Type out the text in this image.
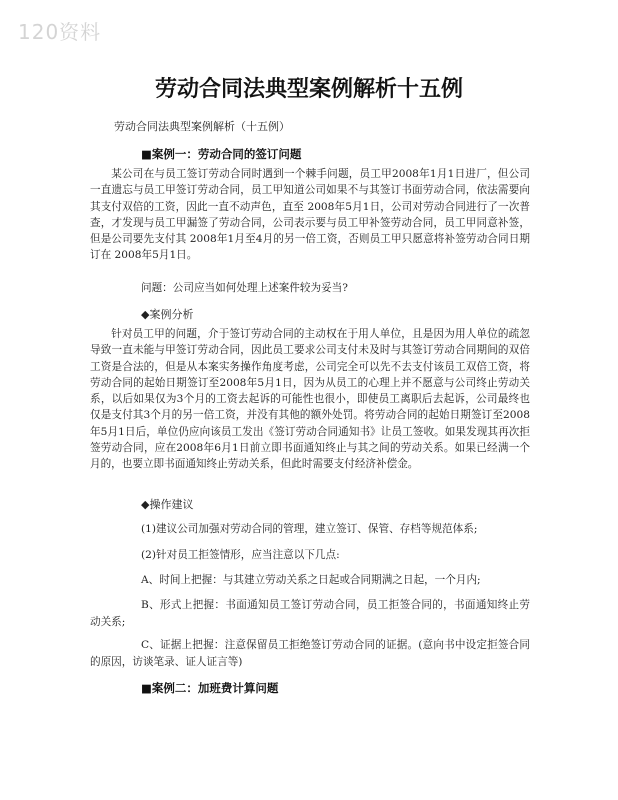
120资料
劳动合同法典型案例解析十五例
劳动合同法典型案例解析（十五例）
■案例一：劳动合同的签订问题

某公司在与员工签订劳动合同时遇到一个棘手问题，员工甲2008年1月1日进厂，但公司一直遗忘与员工甲签订劳动合同，员工甲知道公司如果不与其签订书面劳动合同，依法需要向其支付双倍的工资，因此一直不动声色，直至 2008年5月1日，公司对劳动合同进行了一次普查，才发现与员工甲漏签了劳动合同，公司表示要与员工甲补签劳动合同，员工甲同意补签，但是公司要先支付其 2008年1月至4月的另一倍工资，否则员工甲只愿意将补签劳动合同日期订在 2008年5月1日。

问题：公司应当如何处理上述案件较为妥当?
◆案例分析

针对员工甲的问题，介于签订劳动合同的主动权在于用人单位，且是因为用人单位的疏忽导致一直未能与甲签订劳动合同，因此员工要求公司支付未及时与其签订劳动合同期间的双倍工资是合法的，但是从本案实务操作角度考虑，公司完全可以先不去支付该员工双倍工资，将劳动合同的起始日期签订至2008年5月1日，因为从员工的心理上并不愿意与公司终止劳动关系，以后如果仅为3个月的工资去起诉的可能性也很小，即使员工离职后去起诉，公司最终也仅是支付其3个月的另一倍工资，并没有其他的额外处罚。将劳动合同的起始日期签订至2008年5月1日后，单位仍应向该员工发出《签订劳动合同通知书》让员工签收。如果发现其再次拒签劳动合同，应在2008年6月1日前立即书面通知终止与其之间的劳动关系。如果已经满一个月的，也要立即书面通知终止劳动关系，但此时需要支付经济补偿金。

◆操作建议
(1)建议公司加强对劳动合同的管理，建立签订、保管、存档等规范体系;
(2)针对员工拒签情形，应当注意以下几点:
A、时间上把握：与其建立劳动关系之日起或合同期满之日起，一个月内;

B、形式上把握：书面通知员工签订劳动合同，员工拒签合同的，书面通知终止劳动关系;

C、证据上把握：注意保留员工拒绝签订劳动合同的证据。(意向书中设定拒签合同的原因，访谈笔录、证人证言等)

■案例二：加班费计算问题
